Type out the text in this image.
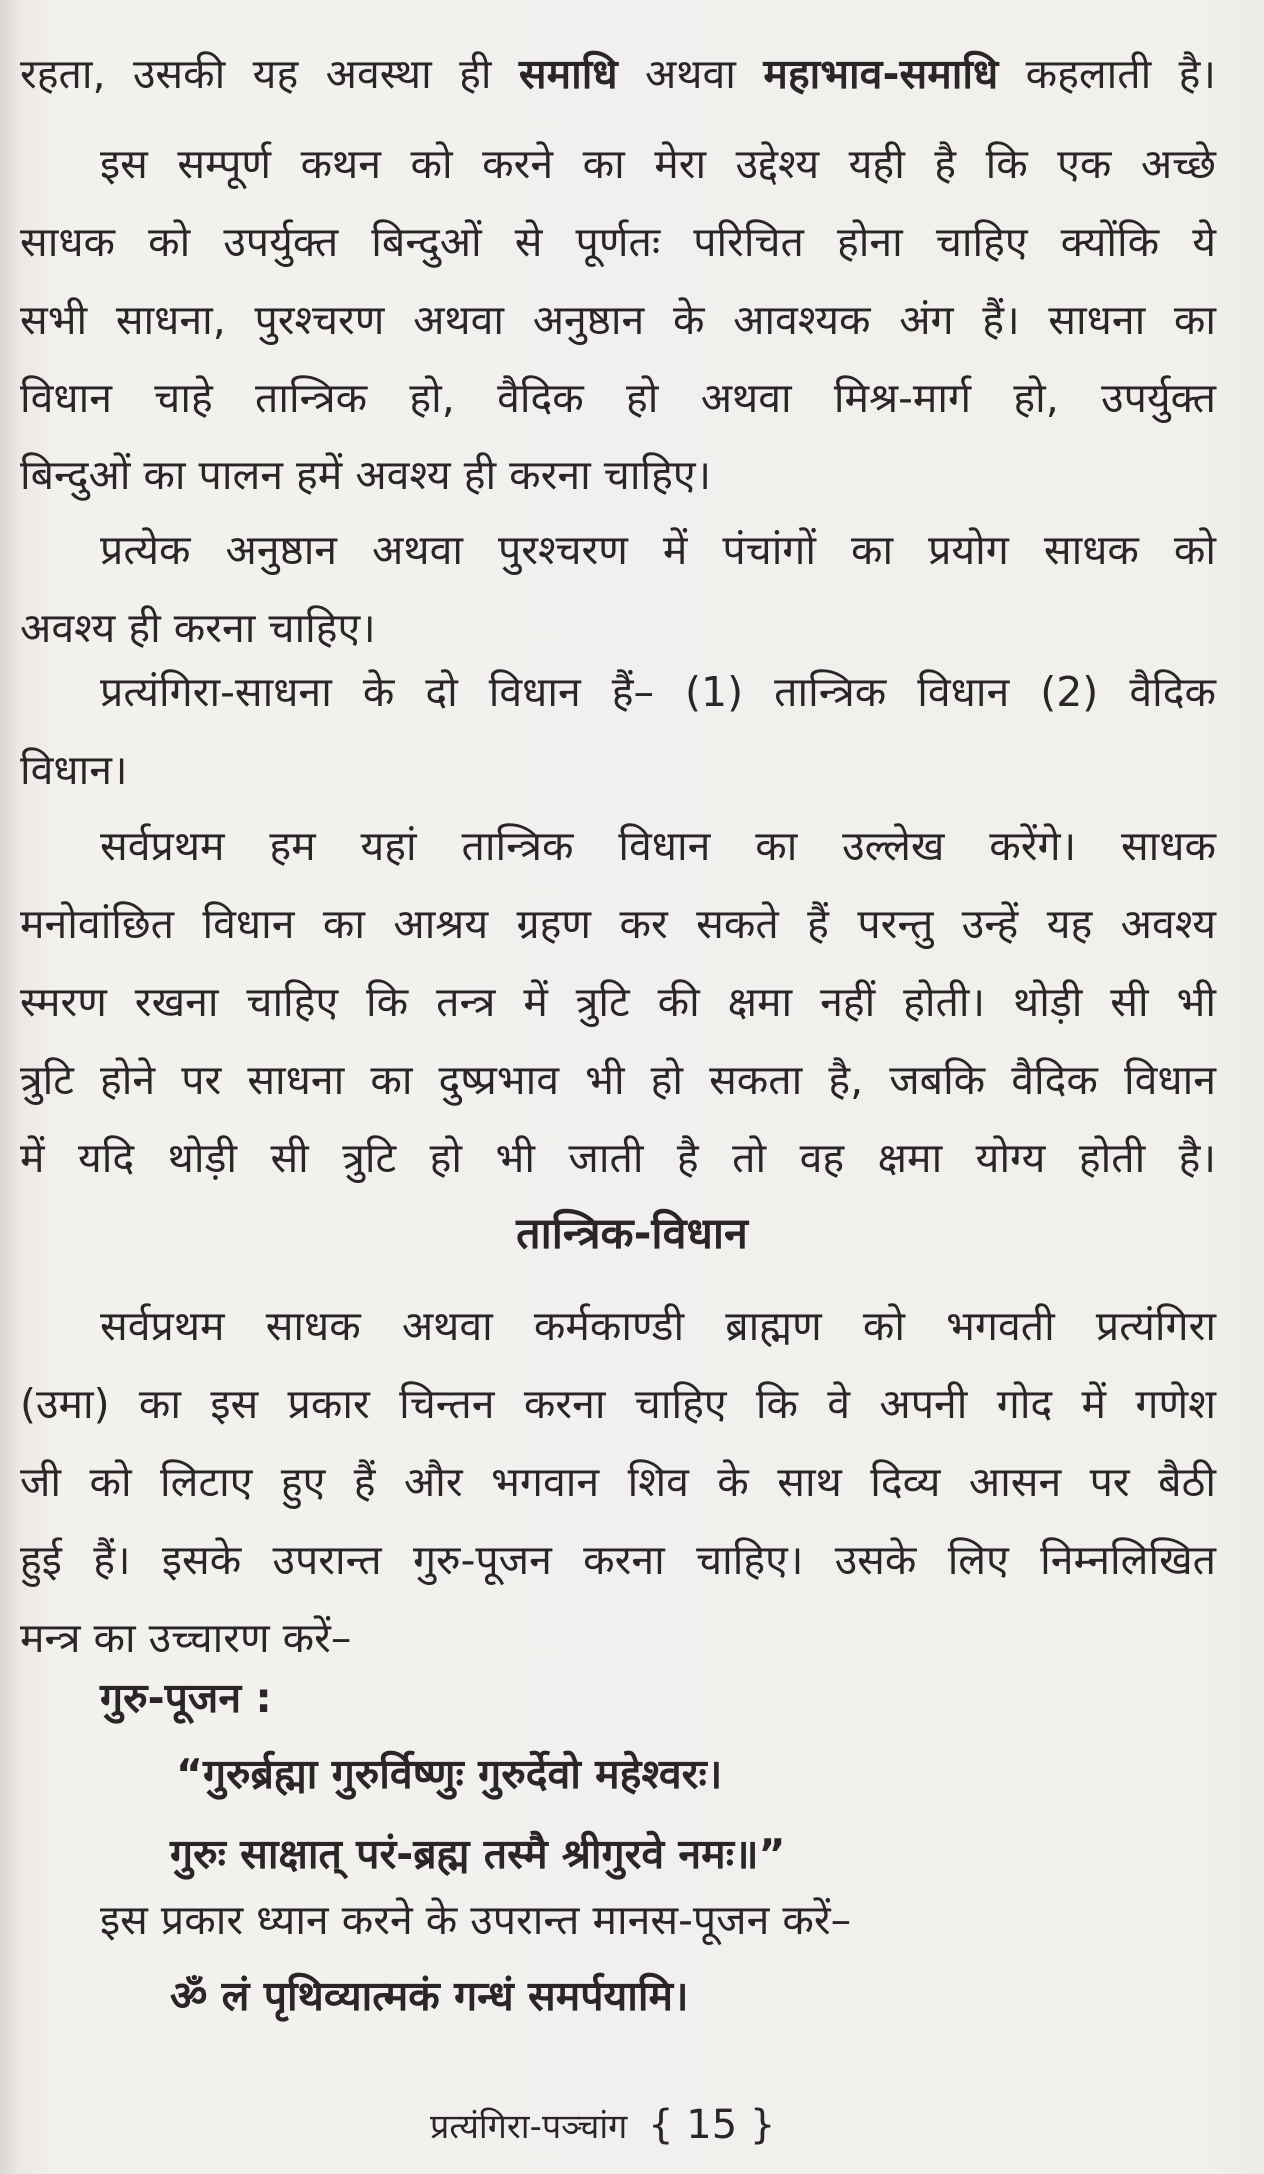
रहता, उसकी यह अवस्था ही समाधि अथवा महाभाव-समाधि कहलाती है।
इस सम्पूर्ण कथन को करने का मेरा उद्देश्य यही है कि एक अच्छे
साधक को उपर्युक्त बिन्दुओं से पूर्णतः परिचित होना चाहिए क्योंकि ये
सभी साधना, पुरश्चरण अथवा अनुष्ठान के आवश्यक अंग हैं। साधना का
विधान चाहे तान्त्रिक हो, वैदिक हो अथवा मिश्र-मार्ग हो, उपर्युक्त
बिन्दुओं का पालन हमें अवश्य ही करना चाहिए।
प्रत्येक अनुष्ठान अथवा पुरश्चरण में पंचांगों का प्रयोग साधक को
अवश्य ही करना चाहिए।
प्रत्यंगिरा-साधना के दो विधान हैं– (1) तान्त्रिक विधान (2) वैदिक
विधान।
सर्वप्रथम हम यहां तान्त्रिक विधान का उल्लेख करेंगे। साधक
मनोवांछित विधान का आश्रय ग्रहण कर सकते हैं परन्तु उन्हें यह अवश्य
स्मरण रखना चाहिए कि तन्त्र में त्रुटि की क्षमा नहीं होती। थोड़ी सी भी
त्रुटि होने पर साधना का दुष्प्रभाव भी हो सकता है, जबकि वैदिक विधान
में यदि थोड़ी सी त्रुटि हो भी जाती है तो वह क्षमा योग्य होती है।
तान्त्रिक-विधान
सर्वप्रथम साधक अथवा कर्मकाण्डी ब्राह्मण को भगवती प्रत्यंगिरा
(उमा) का इस प्रकार चिन्तन करना चाहिए कि वे अपनी गोद में गणेश
जी को लिटाए हुए हैं और भगवान शिव के साथ दिव्य आसन पर बैठी
हुई हैं। इसके उपरान्त गुरु-पूजन करना चाहिए। उसके लिए निम्नलिखित
मन्त्र का उच्चारण करें–
गुरु-पूजन :
“गुरुर्ब्रह्मा गुरुर्विष्णुः गुरुर्देवो महेश्वरः।
गुरुः साक्षात् परं-ब्रह्म तस्मै श्रीगुरवे नमः॥”
इस प्रकार ध्यान करने के उपरान्त मानस-पूजन करें–
ॐ लं पृथिव्यात्मकं गन्धं समर्पयामि।
प्रत्यंगिरा-पञ्चांग { 15 }
